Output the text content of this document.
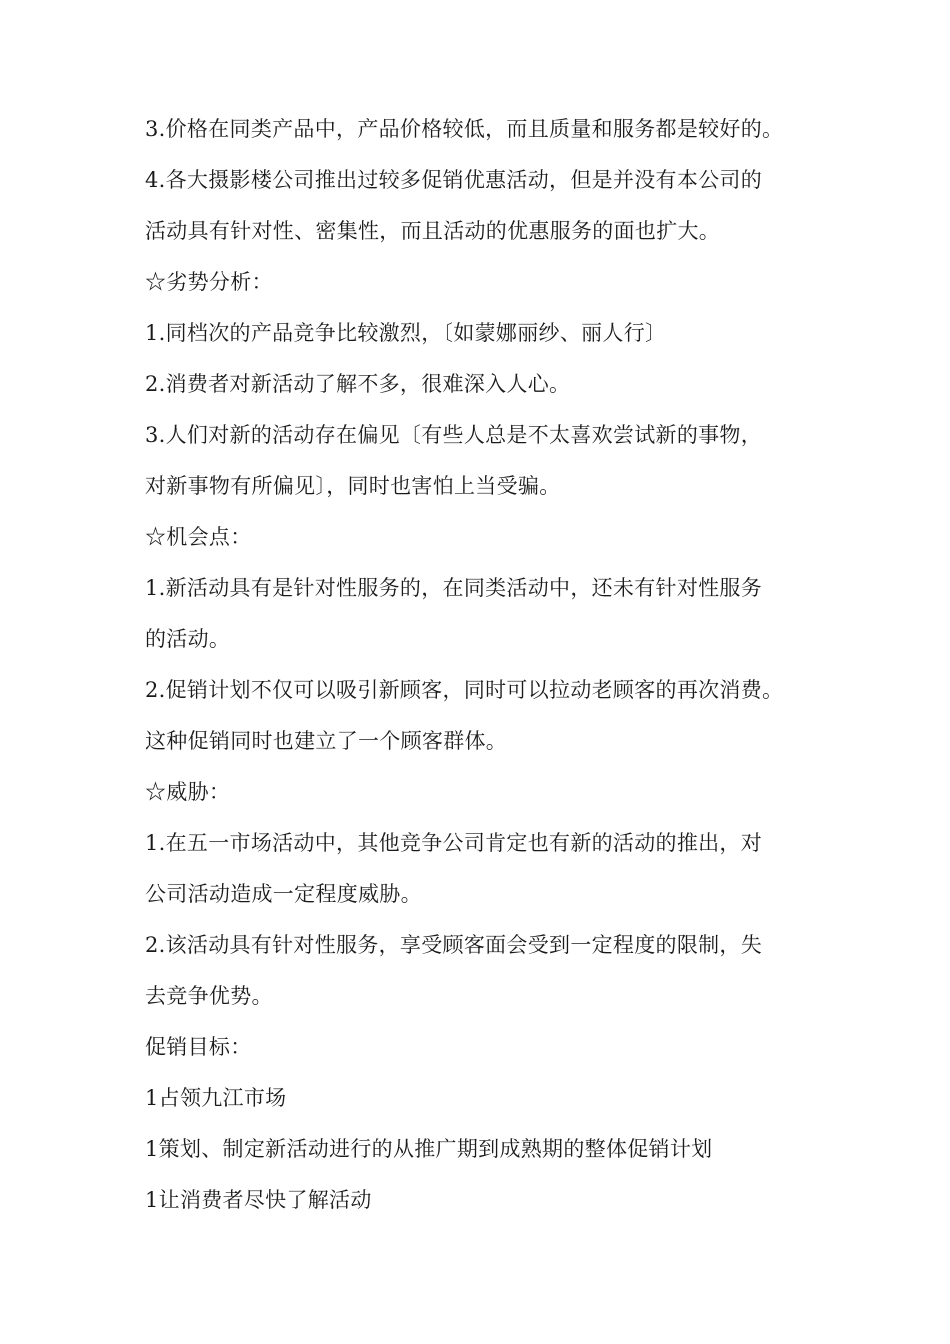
3.价格在同类产品中，产品价格较低，而且质量和服务都是较好的。
4.各大摄影楼公司推出过较多促销优惠活动，但是并没有本公司的
活动具有针对性、密集性，而且活动的优惠服务的面也扩大。
☆劣势分析：
1.同档次的产品竞争比较激烈，〔如蒙娜丽纱、丽人行〕
2.消费者对新活动了解不多，很难深入人心。
3.人们对新的活动存在偏见〔有些人总是不太喜欢尝试新的事物，
对新事物有所偏见〕，同时也害怕上当受骗。
☆机会点：
1.新活动具有是针对性服务的，在同类活动中，还未有针对性服务
的活动。
2.促销计划不仅可以吸引新顾客，同时可以拉动老顾客的再次消费。
这种促销同时也建立了一个顾客群体。
☆威胁：
1.在五一市场活动中，其他竞争公司肯定也有新的活动的推出，对
公司活动造成一定程度威胁。
2.该活动具有针对性服务，享受顾客面会受到一定程度的限制，失
去竞争优势。
促销目标：
1占领九江市场
1策划、制定新活动进行的从推广期到成熟期的整体促销计划
1让消费者尽快了解活动
